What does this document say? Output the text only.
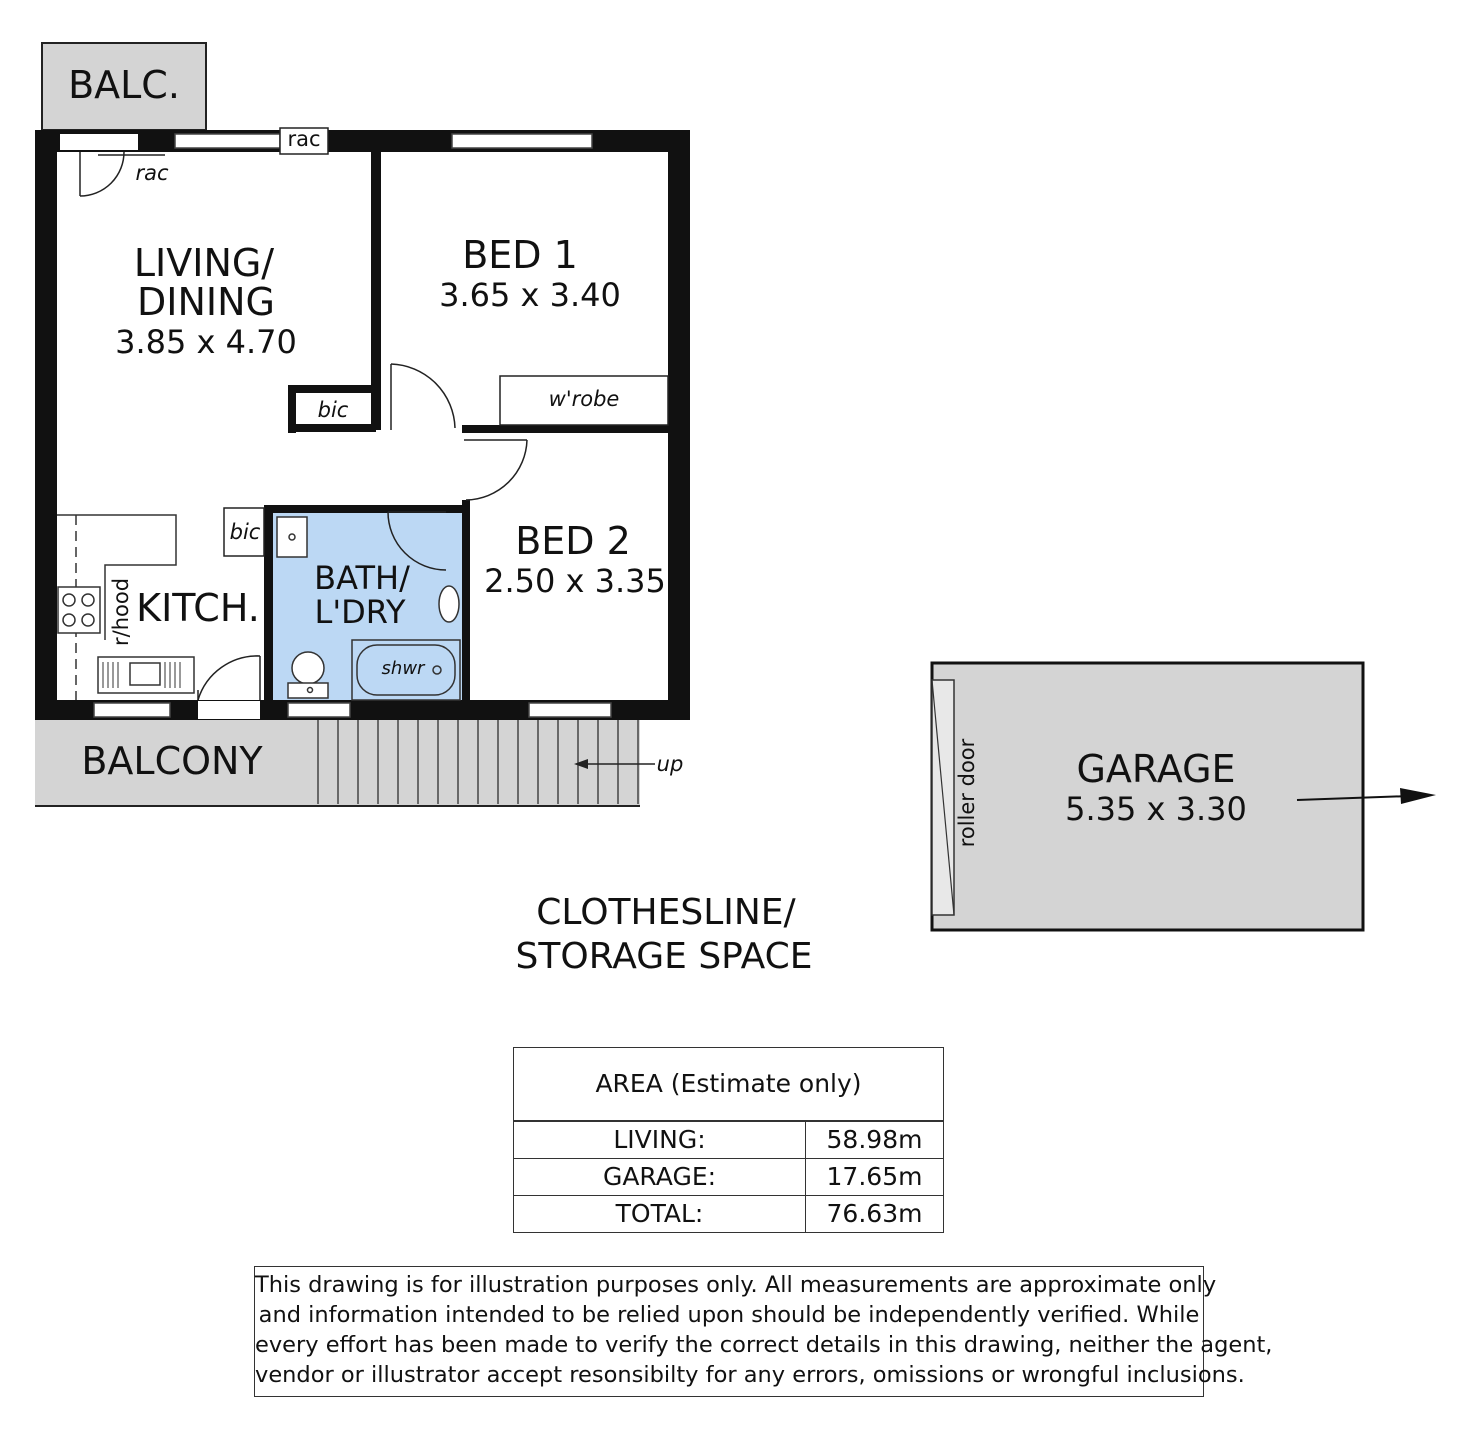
BALC.
LIVING/
DINING
3.85 x 4.70
BED 1
3.65 x 3.40
BED 2
2.50 x 3.35
BATH/
L'DRY
KITCH.
BALCONY	GARAGE
5.35 x 3.30
CLOTHESLINE/
STORAGE SPACE
rac
rac
bic
bic
w'robe
shwr
up
r/hood
roller door
AREA (Estimate only)
LIVING:	58.98m
GARAGE:	17.65m
TOTAL:	76.63m
This drawing is for illustration purposes only. All measurements are approximate only
and information intended to be relied upon should be independently verified. While
every effort has been made to verify the correct details in this drawing, neither the agent,
vendor or illustrator accept resonsibilty for any errors, omissions or wrongful inclusions.
